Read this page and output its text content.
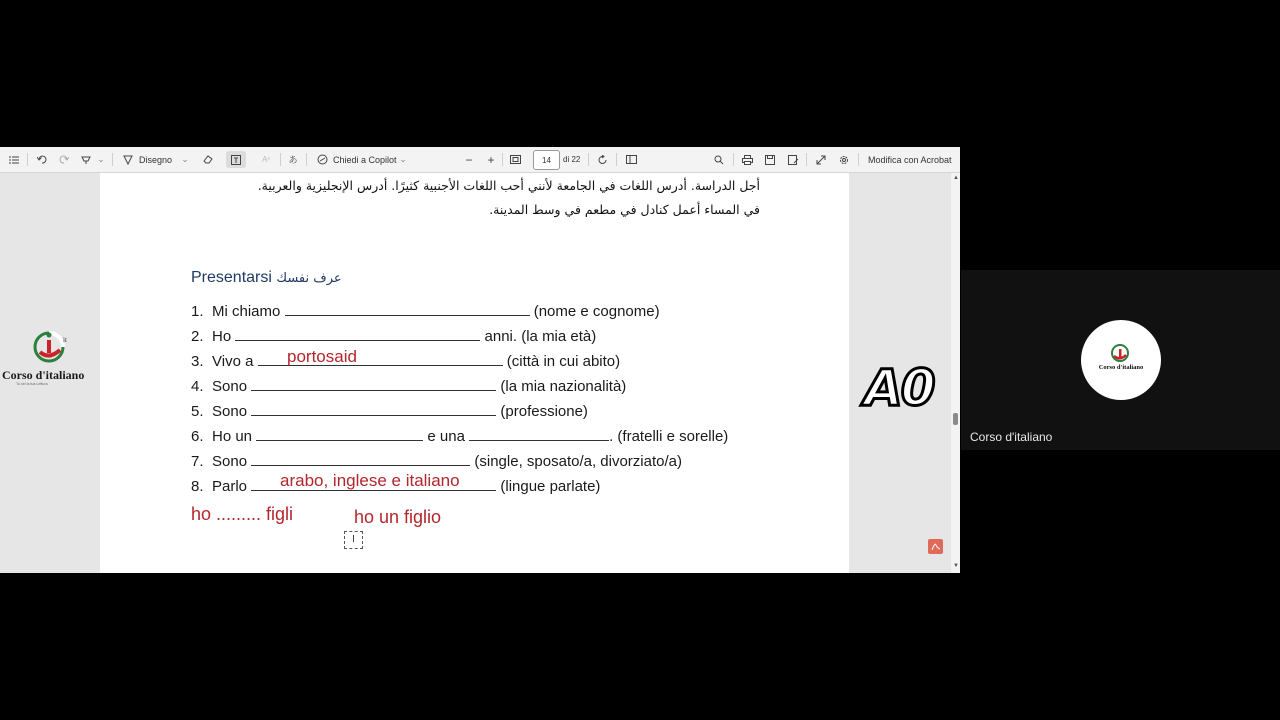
⌄	Disegno ⌄	A ᵃ あ	Chiedi a Copilot ⌄	− +	14	di 22	Modifica con Acrobat
أجل الدراسة. أدرس اللغات في الجامعة لأنني أحب اللغات الأجنبية كثيرًا. أدرس الإنجليزية والعربية.
في المساء أعمل كنادل في مطعم في وسط المدينة.
Presentarsi عرف نفسك
1. Mi chiamo	(nome e cognome)
2. Ho	anni. (la mia età)
3. Vivo a	(città in cui abito)
portosaid
4. Sono	(la mia nazionalità)
5. Sono	(professione)
6. Ho un	e una	. (fratelli e sorelle)
7. Sono	(single, sposato/a, divorziato/a)
8. Parlo	(lingue parlate)
arabo, inglese e italiano
ho ......... figli	ho un figlio
Ι
it
Corso d'italiano
Tu sei la tua Lettura	A0
▲
▼
Corso d'italiano
Corso d'italiano
